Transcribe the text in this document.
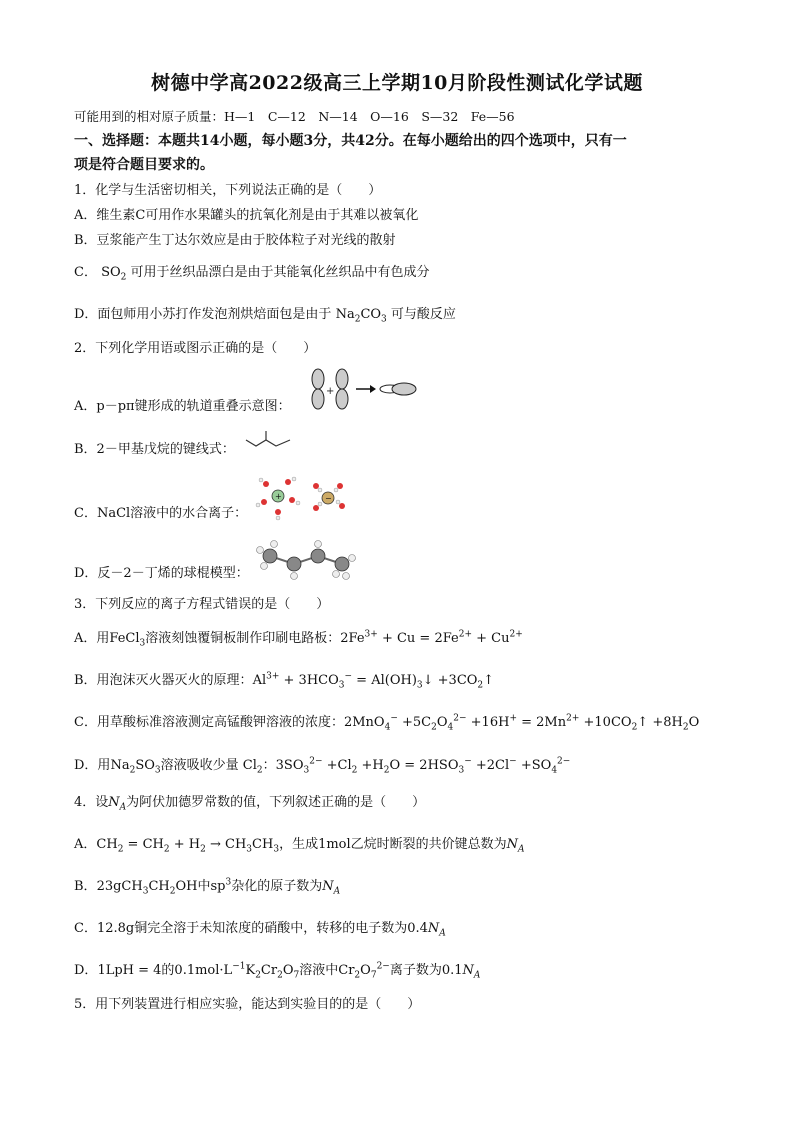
树德中学高2022级高三上学期10月阶段性测试化学试题
可能用到的相对原子质量：H—1　C—12　N—14　O—16　S—32　Fe—56
一、选择题：本题共14小题，每小题3分，共42分。在每小题给出的四个选项中，只有一
项是符合题目要求的。
1．化学与生活密切相关，下列说法正确的是（　　）
A．维生素C可用作水果罐头的抗氧化剂是由于其难以被氧化
B．豆浆能产生丁达尔效应是由于胶体粒子对光线的散射
C． $SO_2$ 可用于丝织品漂白是由于其能氧化丝织品中有色成分
D．面包师用小苏打作发泡剂烘焙面包是由于 $Na_2CO_3$ 可与酸反应
2．下列化学用语或图示正确的是（　　）
A．p－pπ键形成的轨道重叠示意图：
+
B．2－甲基戊烷的键线式：
C．NaCl溶液中的水合离子：
+	−
D．反－2－丁烯的球棍模型：
3．下列反应的离子方程式错误的是（　　）
A．用FeCl$_3$溶液刻蚀覆铜板制作印刷电路板：$2Fe^{3+} + Cu = 2Fe^{2+} + Cu^{2+}$
B．用泡沫灭火器灭火的原理：$Al^{3+} + 3HCO_3^-$ = $Al(OH)_3↓$ $+3CO_2↑$
C．用草酸标准溶液测定高锰酸钾溶液的浓度：$2MnO_4^- +5C_2O_4^{2-} +16H^+ = 2Mn^{2+}$ $+10CO_2↑ +8H_2O$
D．用$Na_2SO_3$溶液吸收少量 $Cl_2$：$3SO_3^{2-} +Cl_2 +H_2O = 2HSO_3^- +2Cl^- +SO_4^{2-}$
4．设$N_A$为阿伏加德罗常数的值，下列叙述正确的是（　　）
A．$CH_2 = CH_2 + H_2 \to CH_3CH_3$，生成1mol乙烷时断裂的共价键总数为$N_A$
B．$23gCH_3CH_2OH$中$sp^3$杂化的原子数为$N_A$
C．12.8g铜完全溶于未知浓度的硝酸中，转移的电子数为$0.4N_A$
D．1LpH = 4的$0.1mol\cdot L^{-1}K_2Cr_2O_7$溶液中$Cr_2O_7^{2-}$离子数为$0.1N_A$
5．用下列装置进行相应实验，能达到实验目的的是（　　）
